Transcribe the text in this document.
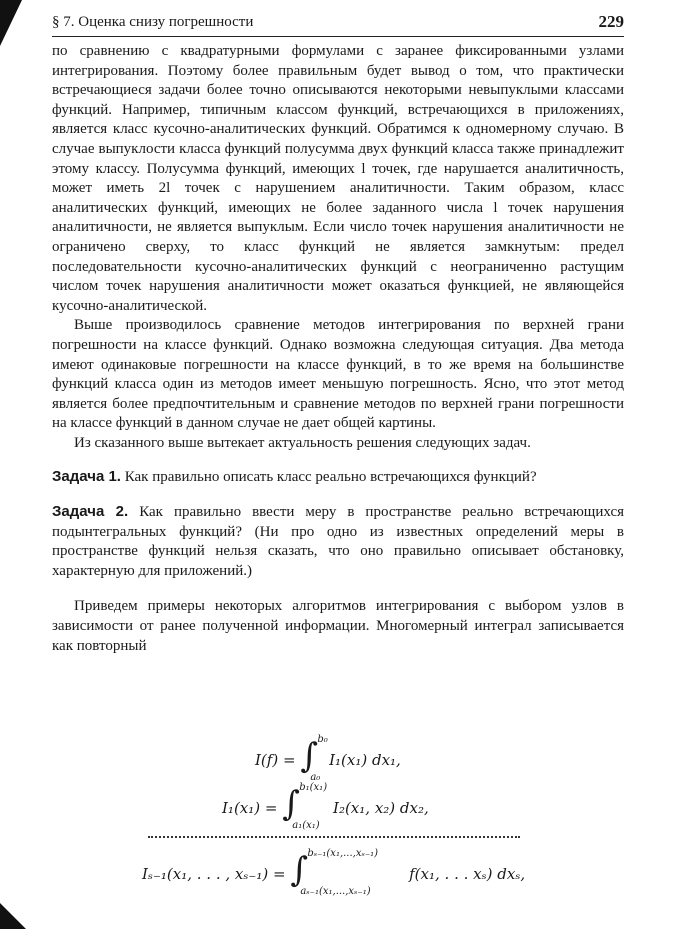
§ 7. Оценка снизу погрешности	229

по сравнению с квадратурными формулами с заранее фиксированными узлами интегрирования. Поэтому более правильным будет вывод о том, что практически встречающиеся задачи более точно описываются некоторыми невыпуклыми классами функций. Например, типичным классом функций, встречающихся в приложениях, является класс кусочно-аналитических функций. Обратимся к одномерному случаю. В случае выпуклости класса функций полусумма двух функций класса также принадлежит этому классу. Полусумма функций, имеющих l точек, где нарушается аналитичность, может иметь 2l точек с нарушением аналитичности. Таким образом, класс аналитических функций, имеющих не более заданного числа l точек нарушения аналитичности, не является выпуклым. Если число точек нарушения аналитичности не ограничено сверху, то класс функций не является замкнутым: предел последовательности кусочно-аналитических функций с неограниченно растущим числом точек нарушения аналитичности может оказаться функцией, не являющейся кусочно-аналитической.

Выше производилось сравнение методов интегрирования по верхней грани погрешности на классе функций. Однако возможна следующая ситуация. Два метода имеют одинаковые погрешности на классе функций, в то же время на большинстве функций класса один из методов имеет меньшую погрешность. Ясно, что этот метод является более предпочтительным и сравнение методов по верхней грани погрешности на классе функций в данном случае не дает общей картины.

Из сказанного выше вытекает актуальность решения следующих задач.

Задача 1. Как правильно описать класс реально встречающихся функций?

Задача 2. Как правильно ввести меру в пространстве реально встречающихся подынтегральных функций? (Ни про одно из известных определений меры в пространстве функций нельзя сказать, что оно правильно описывает обстановку, характерную для приложений.)

Приведем примеры некоторых алгоритмов интегрирования с выбором узлов в зависимости от ранее полученной информации. Многомерный интеграл записывается как повторный

I(f) = ∫ b₀
a₀
I₁(x₁) dx₁,
I₁(x₁) = ∫ b₁(x₁)
a₁(x₁)
I₂(x₁, x₂) dx₂,
Iₛ₋₁(x₁, . . . , xₛ₋₁) = ∫ bₛ₋₁(x₁,...,xₛ₋₁)
aₛ₋₁(x₁,...,xₛ₋₁)
f(x₁, . . . xₛ) dxₛ,
